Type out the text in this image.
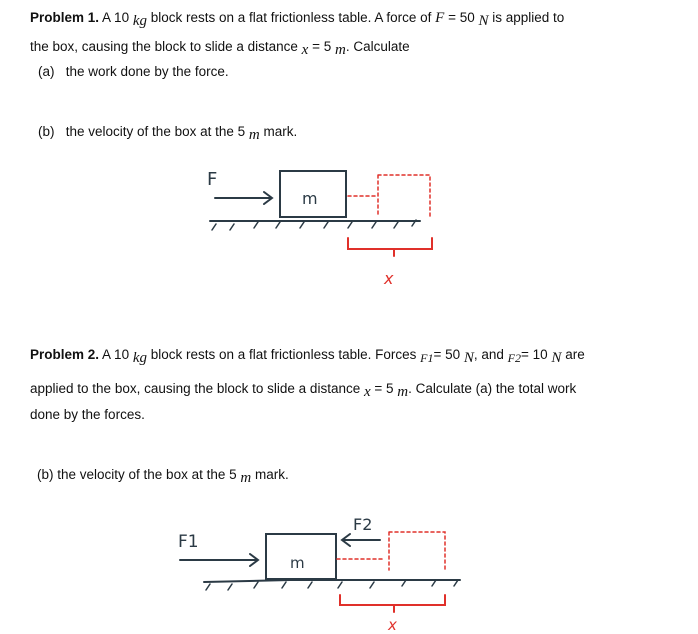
Problem 1. A 10 kg block rests on a flat frictionless table. A force of F = 50 N is applied to
the box, causing the block to slide a distance x = 5 m. Calculate
(a) the work done by the force.
(b) the velocity of the box at the 5 m mark.
F
m
x
Problem 2. A 10 kg block rests on a flat frictionless table. Forces F1= 50 N, and F2= 10 N are
applied to the box, causing the block to slide a distance x = 5 m. Calculate (a) the total work
done by the forces.
(b) the velocity of the box at the 5 m mark.
F1
m
F2
x
